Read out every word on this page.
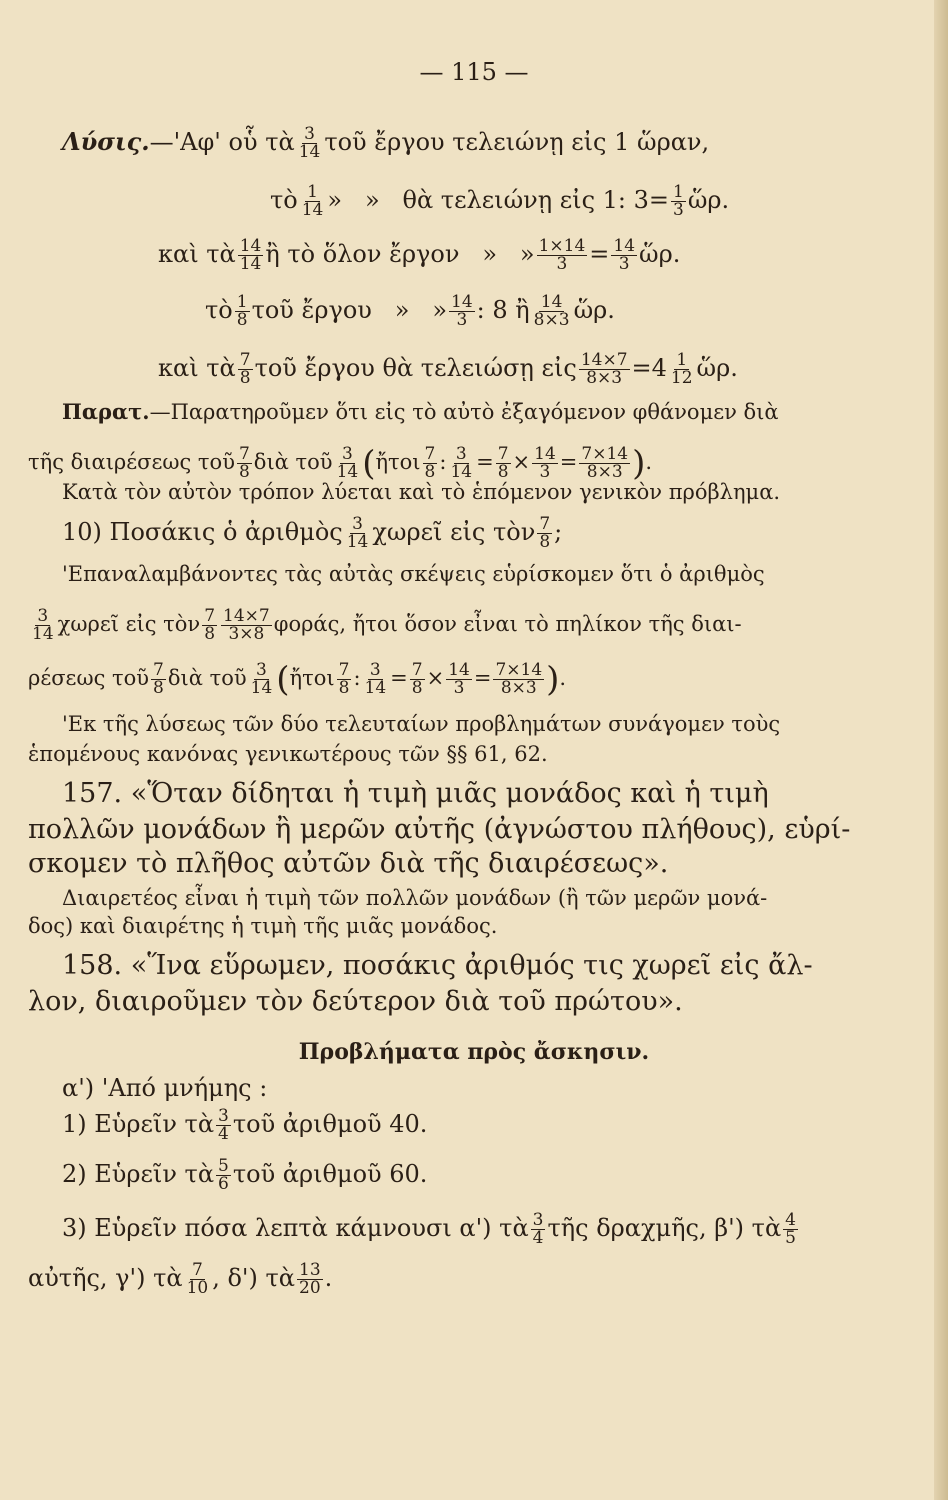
— 115 —
Λύσις.—'Αφ' οὗ τὰ $\frac{3}{14}$ τοῦ ἔργου τελειώνῃ εἰς 1 ὥραν,
τὸ $\frac{1}{14}$ »   »   θὰ τελειώνῃ εἰς 1: $3= \frac{1}{3}$ ὥρ.
καὶ τὰ $\frac{14}{14}$ ἢ τὸ ὅλον ἔργον   »   » $\frac{1\times 14}{3} = \frac{14}{3}$ ὥρ.
τὸ $\frac{1}{8}$ τοῦ ἔργου   »   » $\frac{14}{3}$ : 8 ἢ $\frac{14}{8\times 3}$ ὥρ.
καὶ τὰ $\frac{7}{8}$ τοῦ ἔργου θὰ τελειώσῃ εἰς $\frac{14\times 7}{8\times 3} =4 \frac{1}{12}$ ὥρ.
Παρατ.—Παρατηροῦμεν ὅτι εἰς τὸ αὐτὸ ἐξαγόμενον φθάνομεν διὰ
τῆς διαιρέσεως τοῦ $\frac{7}{8}$ διὰ τοῦ $\frac{3}{14}$ (ἤτοι $\frac{7}{8}$ : $\frac{3}{14} = \frac{7}{8} \times \frac{14}{3} = \frac{7\times 14}{8\times 3}$ ).
Κατὰ τὸν αὐτὸν τρόπον λύεται καὶ τὸ ἑπόμενον γενικὸν πρόβλημα.
10) Ποσάκις ὁ ἀριθμὸς $\frac{3}{14}$ χωρεῖ εἰς τὸν $\frac{7}{8}$ ;
'Επαναλαμβάνοντες τὰς αὐτὰς σκέψεις εὑρίσκομεν ὅτι ὁ ἀριθμὸς
$\frac{3}{14}$ χωρεῖ εἰς τὸν $\frac{7}{8} \frac{14\times 7}{3\times 8} \varphi o\rho ά\varsigma$, ἤτοι ὅσον εἶναι τὸ πηλίκον τῆς διαι-
ρέσεως τοῦ $\frac{7}{8}$ διὰ τοῦ $\frac{3}{14}$ (ἤτοι $\frac{7}{8}$ : $\frac{3}{14} = \frac{7}{8} \times \frac{14}{3} = \frac{7\times 14}{8\times 3}$ ).
'Εκ τῆς λύσεως τῶν δύο τελευταίων προβλημάτων συνάγομεν τοὺς
ἑπομένους κανόνας γενικωτέρους τῶν §§ 61, 62.
157. «Ὅταν δίδηται ἡ τιμὴ μιᾶς μονάδος καὶ ἡ τιμὴ
πολλῶν μονάδων ἢ μερῶν αὐτῆς (ἀγνώστου πλήθους), εὑρί-
σκομεν τὸ πλῆθος αὐτῶν διὰ τῆς διαιρέσεως».
Διαιρετέος εἶναι ἡ τιμὴ τῶν πολλῶν μονάδων (ἢ τῶν μερῶν μονά-
δος) καὶ διαιρέτης ἡ τιμὴ τῆς μιᾶς μονάδος.
158. «Ἵνα εὕρωμεν, ποσάκις ἀριθμός τις χωρεῖ εἰς ἄλ-
λον, διαιροῦμεν τὸν δεύτερον διὰ τοῦ πρώτου».
Προβλήματα πρὸς ἄσκησιν.
α') 'Από μνήμης :
1) Εὑρεῖν τὰ $\frac{3}{4}$ τοῦ ἀριθμοῦ 40.
2) Εὑρεῖν τὰ $\frac{5}{6}$ τοῦ ἀριθμοῦ 60.
3) Εὑρεῖν πόσα λεπτὰ κάμνουσι α') τὰ $\frac{3}{4}$ τῆς δραχμῆς, β') τὰ $\frac{4}{5}$
αὐτῆς, γ') τὰ $\frac{7}{10}$ , δ') τὰ $\frac{13}{20}$ .
